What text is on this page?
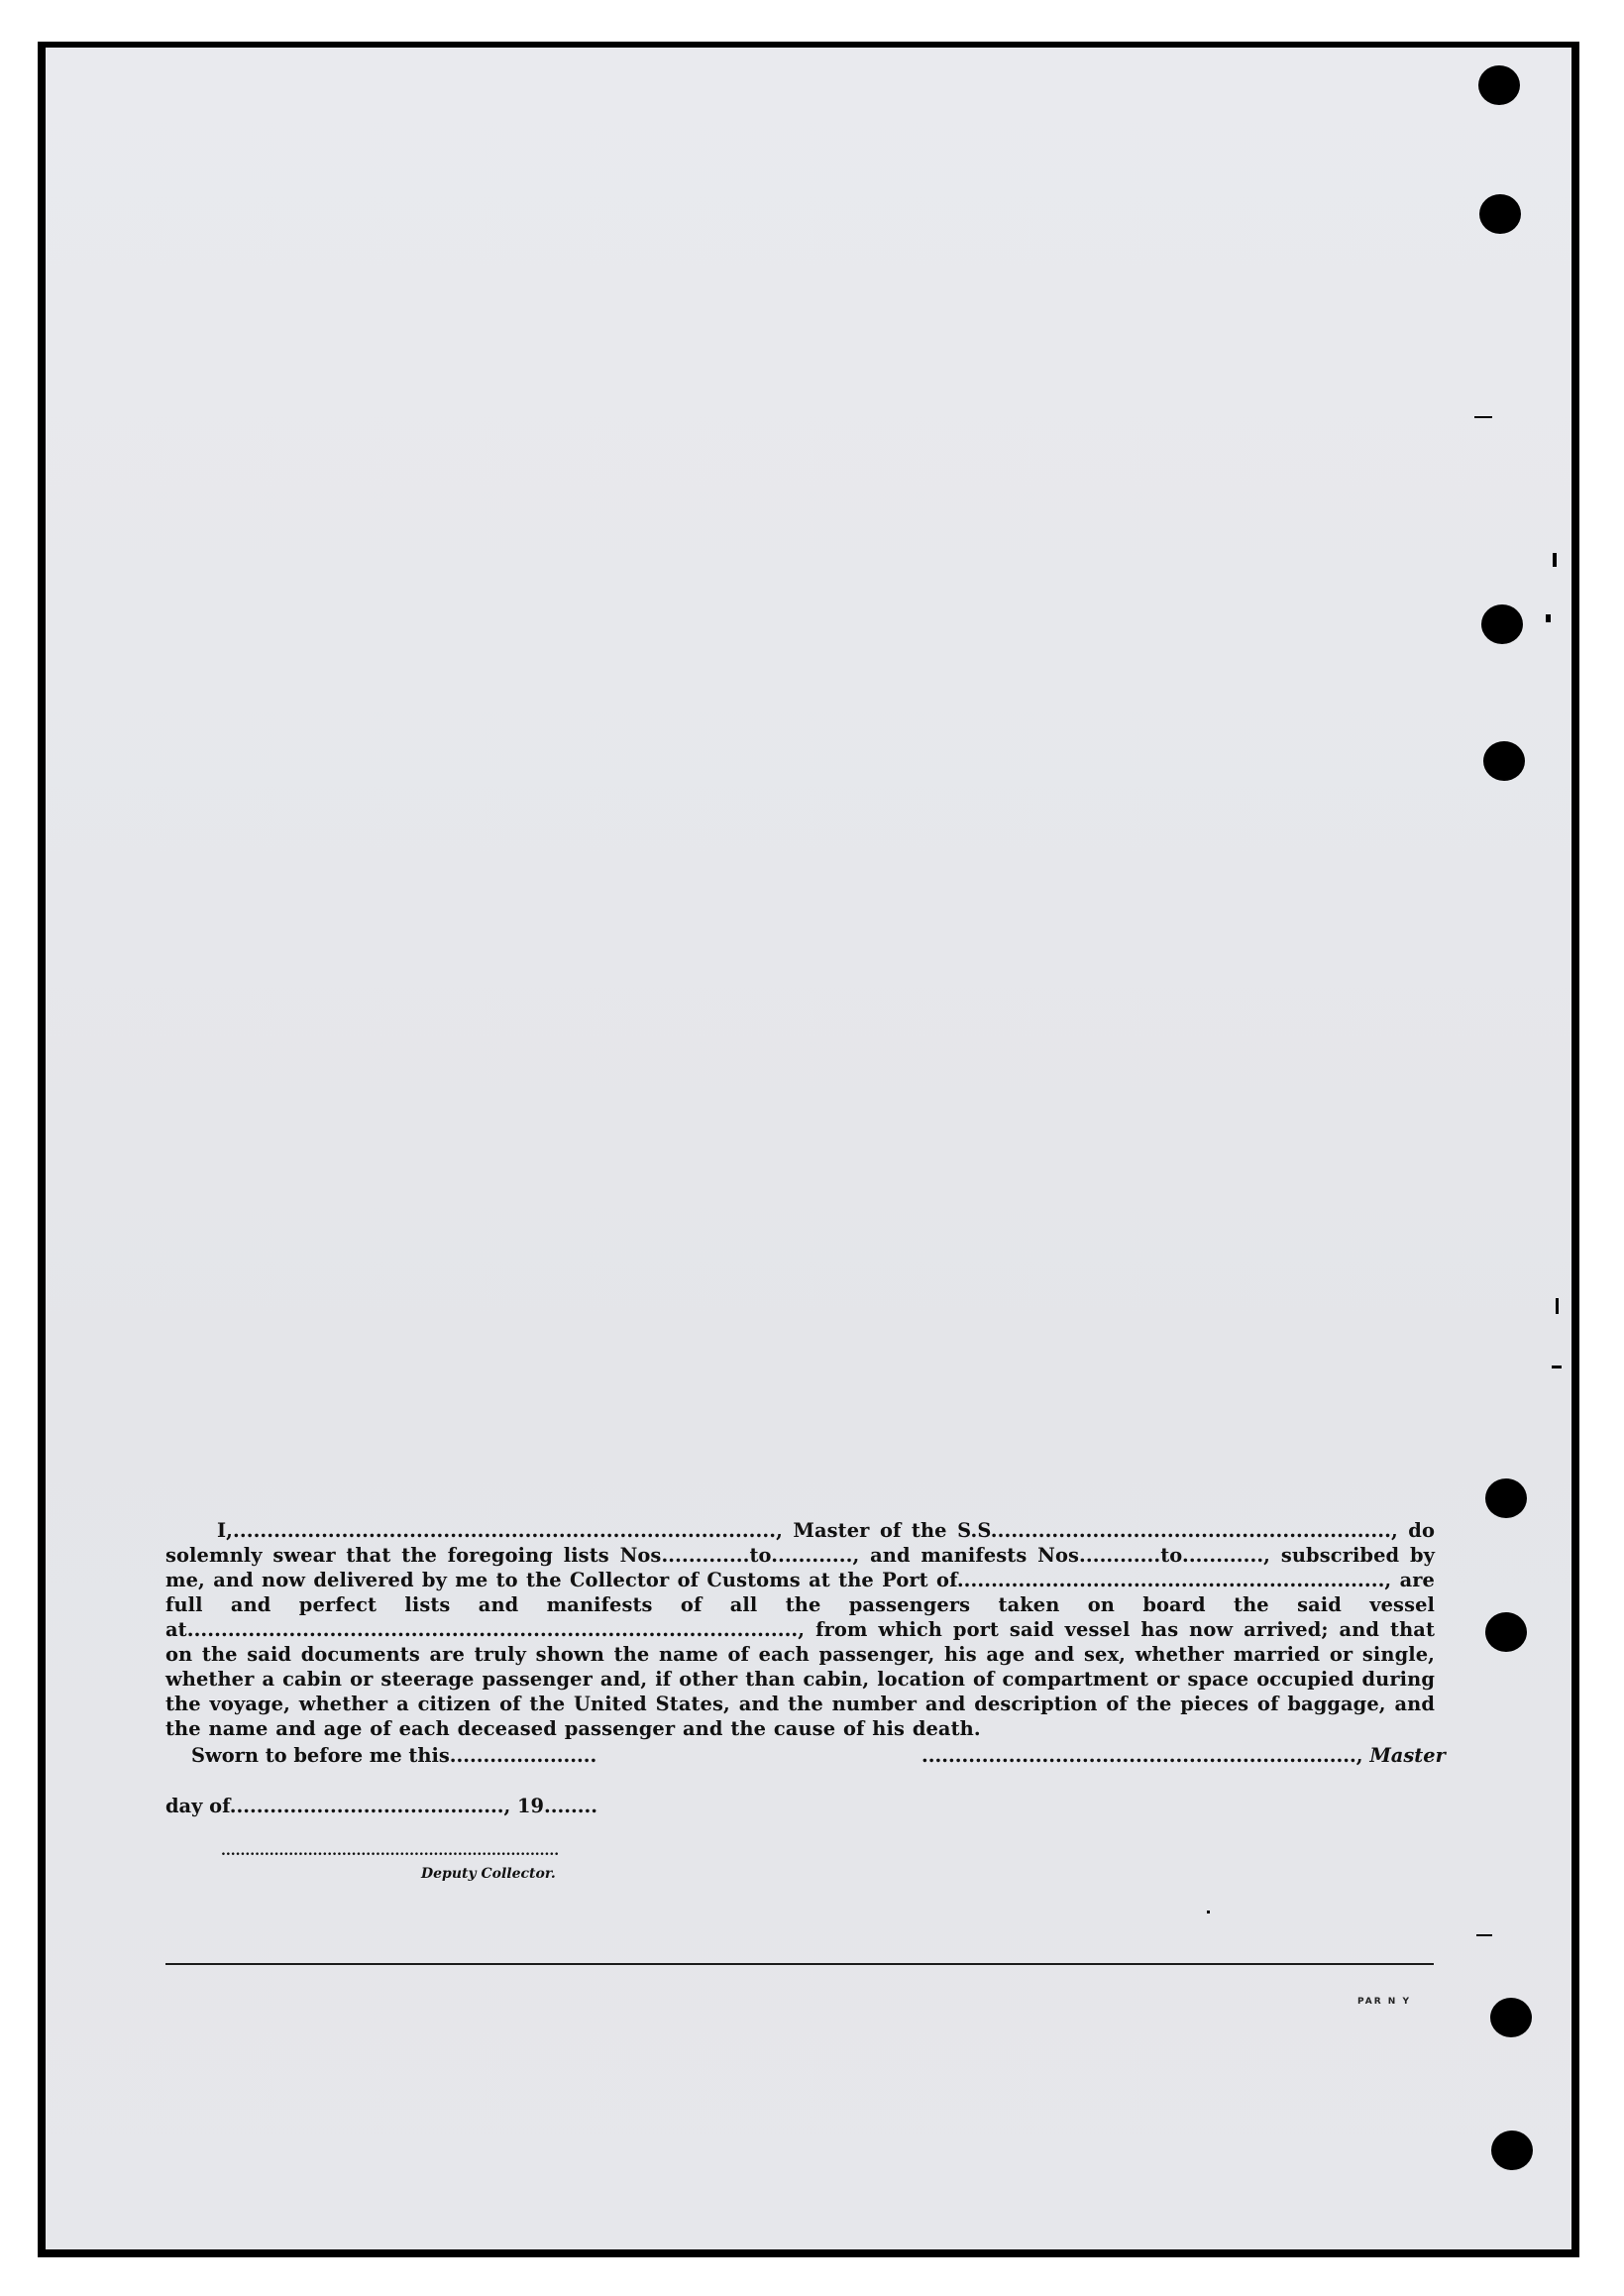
I,................................................................................, Master of the S.S..........................................................., do solemnly swear that the foregoing lists Nos.............to............, and manifests Nos............to............, subscribed by me, and now delivered by me to the Collector of Customs at the Port of..............................................................., are full and perfect lists and manifests of all the passengers taken on board the said vessel at.........................................................................................., from which port said vessel has now arrived; and that on the said documents are truly shown the name of each passenger, his age and sex, whether married or single, whether a cabin or steerage passenger and, if other than cabin, location of compartment or space occupied during the voyage, whether a citizen of the United States, and the number and description of the pieces of baggage, and the name and age of each deceased passenger and the cause of his death.

Sworn to before me this......................
day of........................................., 19........
......................................................................
Deputy Collector.
................................................................., Master
PAR N Y
